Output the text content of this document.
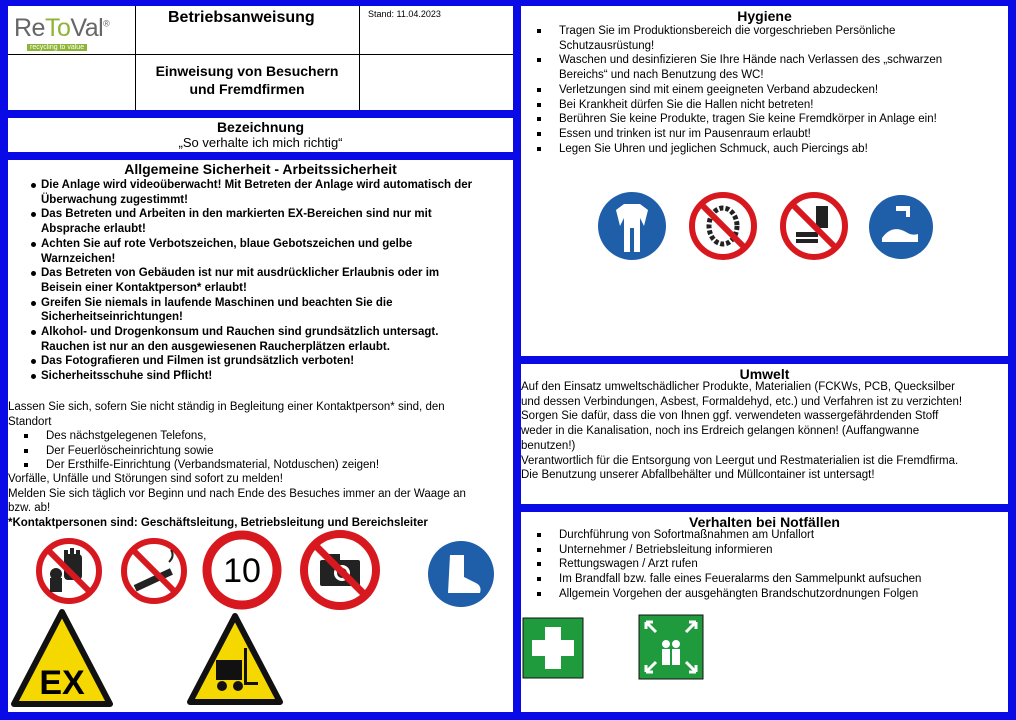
ReToVal®
recycling to value
Betriebsanweisung	Stand: 11.04.2023
Einweisung von Besuchern
und Fremdfirmen
Bezeichnung
„So verhalte ich mich richtig“
Allgemeine Sicherheit - Arbeitssicherheit
Die Anlage wird videoüberwacht! Mit Betreten der Anlage wird automatisch der
Überwachung zugestimmt!
Das Betreten und Arbeiten in den markierten EX-Bereichen sind nur mit
Absprache erlaubt!
Achten Sie auf rote Verbotszeichen, blaue Gebotszeichen und gelbe
Warnzeichen!
Das Betreten von Gebäuden ist nur mit ausdrücklicher Erlaubnis oder im
Beisein einer Kontaktperson* erlaubt!
Greifen Sie niemals in laufende Maschinen und beachten Sie die
Sicherheitseinrichtungen!
Alkohol- und Drogenkonsum und Rauchen sind grundsätzlich untersagt.
Rauchen ist nur an den ausgewiesenen Raucherplätzen erlaubt.
Das Fotografieren und Filmen ist grundsätzlich verboten!
Sicherheitsschuhe sind Pflicht!
Lassen Sie sich, sofern Sie nicht ständig in Begleitung einer Kontaktperson* sind, den
Standort
Des nächstgelegenen Telefons,
Der Feuerlöscheinrichtung sowie
Der Ersthilfe-Einrichtung (Verbandsmaterial, Notduschen) zeigen!
Vorfälle, Unfälle und Störungen sind sofort zu melden!
Melden Sie sich täglich vor Beginn und nach Ende des Besuches immer an der Waage an
bzw. ab!
*Kontaktpersonen sind: Geschäftsleitung, Betriebsleitung und Bereichsleiter
10
EX
Hygiene
Tragen Sie im Produktionsbereich die vorgeschrieben Persönliche
Schutzausrüstung!
Waschen und desinfizieren Sie Ihre Hände nach Verlassen des „schwarzen
Bereichs“ und nach Benutzung des WC!
Verletzungen sind mit einem geeigneten Verband abzudecken!
Bei Krankheit dürfen Sie die Hallen nicht betreten!
Berühren Sie keine Produkte, tragen Sie keine Fremdkörper in Anlage ein!
Essen und trinken ist nur im Pausenraum erlaubt!
Legen Sie Uhren und jeglichen Schmuck, auch Piercings ab!
Umwelt
Auf den Einsatz umweltschädlicher Produkte, Materialien (FCKWs, PCB, Quecksilber
und dessen Verbindungen, Asbest, Formaldehyd, etc.) und Verfahren ist zu verzichten!
Sorgen Sie dafür, dass die von Ihnen ggf. verwendeten wassergefährdenden Stoff
weder in die Kanalisation, noch ins Erdreich gelangen können! (Auffangwanne
benutzen!)
Verantwortlich für die Entsorgung von Leergut und Restmaterialien ist die Fremdfirma.
Die Benutzung unserer Abfallbehälter und Müllcontainer ist untersagt!
Verhalten bei Notfällen
Durchführung von Sofortmaßnahmen am Unfallort
Unternehmer / Betriebsleitung informieren
Rettungswagen / Arzt rufen
Im Brandfall bzw. falle eines Feueralarms den Sammelpunkt aufsuchen
Allgemein Vorgehen der ausgehängten Brandschutzordnungen Folgen
